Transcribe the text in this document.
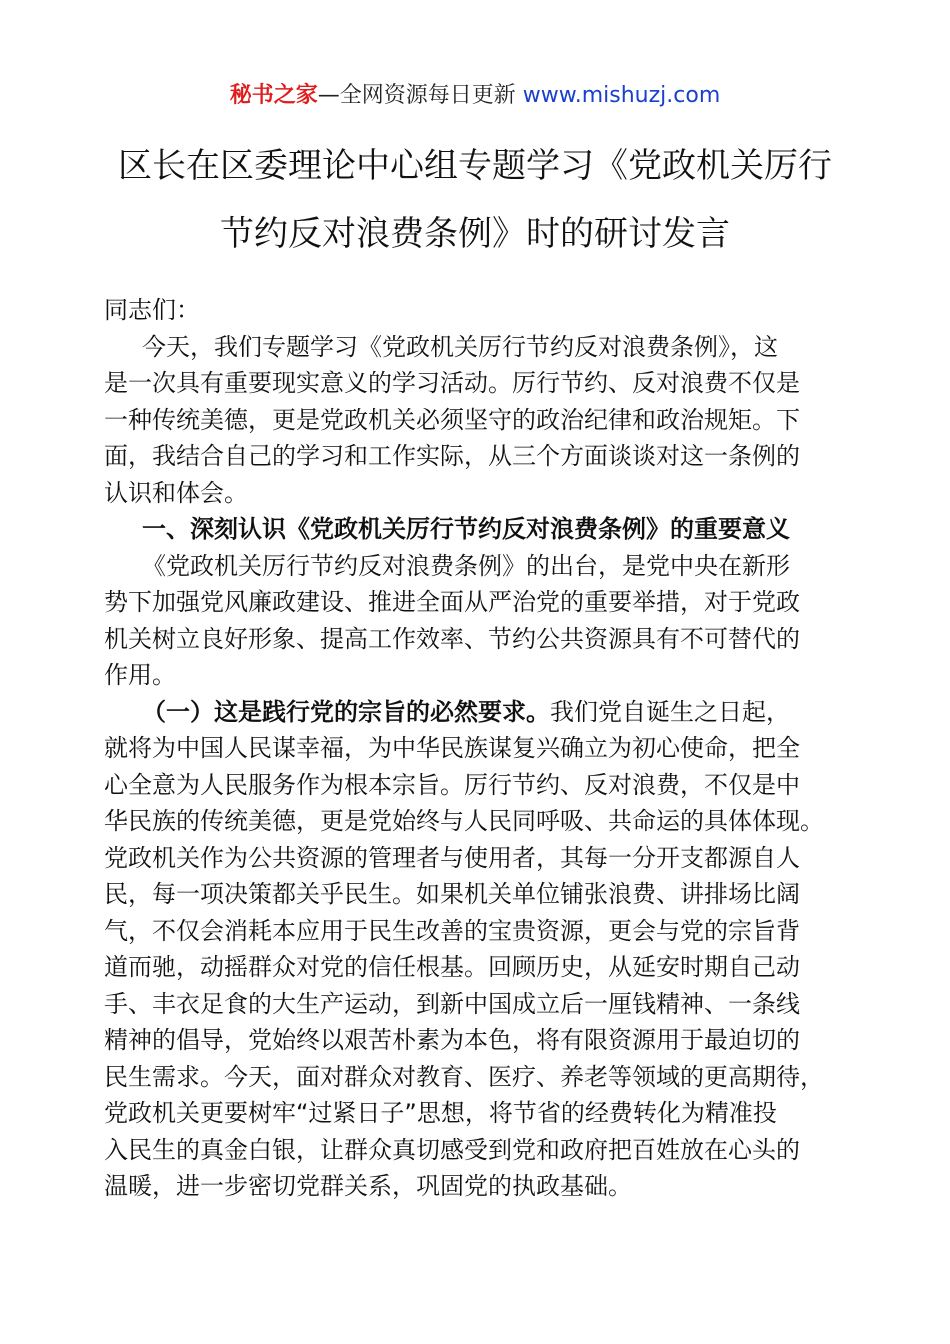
秘书之家—全网资源每日更新 www.mishuzj.com
区长在区委理论中心组专题学习《党政机关厉行
节约反对浪费条例》时的研讨发言
同志们：
今天，我们专题学习《党政机关厉行节约反对浪费条例》，这
是一次具有重要现实意义的学习活动。厉行节约、反对浪费不仅是
一种传统美德，更是党政机关必须坚守的政治纪律和政治规矩。下
面，我结合自己的学习和工作实际，从三个方面谈谈对这一条例的
认识和体会。
一、深刻认识《党政机关厉行节约反对浪费条例》的重要意义
《党政机关厉行节约反对浪费条例》的出台，是党中央在新形
势下加强党风廉政建设、推进全面从严治党的重要举措，对于党政
机关树立良好形象、提高工作效率、节约公共资源具有不可替代的
作用。
（一）这是践行党的宗旨的必然要求。我们党自诞生之日起，
就将为中国人民谋幸福，为中华民族谋复兴确立为初心使命，把全
心全意为人民服务作为根本宗旨。厉行节约、反对浪费，不仅是中
华民族的传统美德，更是党始终与人民同呼吸、共命运的具体体现。
党政机关作为公共资源的管理者与使用者，其每一分开支都源自人
民，每一项决策都关乎民生。如果机关单位铺张浪费、讲排场比阔
气，不仅会消耗本应用于民生改善的宝贵资源，更会与党的宗旨背
道而驰，动摇群众对党的信任根基。回顾历史，从延安时期自己动
手、丰衣足食的大生产运动，到新中国成立后一厘钱精神、一条线
精神的倡导，党始终以艰苦朴素为本色，将有限资源用于最迫切的
民生需求。今天，面对群众对教育、医疗、养老等领域的更高期待，
党政机关更要树牢“过紧日子”思想，将节省的经费转化为精准投
入民生的真金白银，让群众真切感受到党和政府把百姓放在心头的
温暖，进一步密切党群关系，巩固党的执政基础。
